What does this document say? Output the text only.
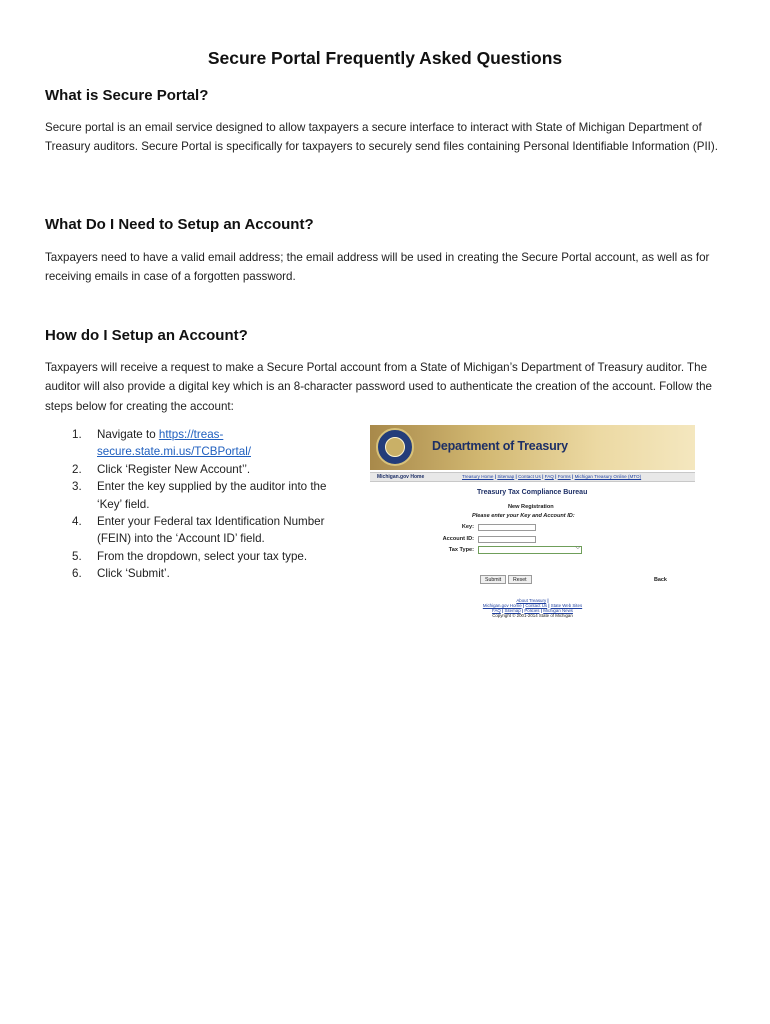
Secure Portal Frequently Asked Questions
What is Secure Portal?

Secure portal is an email service designed to allow taxpayers a secure interface to interact with State of Michigan Department of Treasury auditors. Secure Portal is specifically for taxpayers to securely send files containing Personal Identifiable Information (PII).

What Do I Need to Setup an Account?

Taxpayers need to have a valid email address; the email address will be used in creating the Secure Portal account, as well as for receiving emails in case of a forgotten password.

How do I Setup an Account?

Taxpayers will receive a request to make a Secure Portal account from a State of Michigan’s Department of Treasury auditor. The auditor will also provide a digital key which is an 8-character password used to authenticate the creation of the account. Follow the steps below for creating the account:

1. Navigate to https://treas-
secure.state.mi.us/TCBPortal/
2. Click ‘Register New Account’’.
3. Enter the key supplied by the auditor into the ‘Key’ field.
4. Enter your Federal tax Identification Number (FEIN) into the ‘Account ID’ field.
5. From the dropdown, select your tax type.
6. Click ‘Submit’.
Department of Treasury
Michigan.gov Home	Treasury Home | Sitemap | Contact Us | FAQ | Forms | Michigan Treasury Online (MTO)
Treasury Tax Compliance Bureau
New Registration
Please enter your Key and Account ID:
Key:
Account ID:
Tax Type:	⌵
Submit	Reset	Back
About Treasury |
Michigan.gov Home | Contact Us | State Web Sites
FAQ | Sitemap | Policies | Michigan News
Copyright © 2001-2014 State of Michigan
